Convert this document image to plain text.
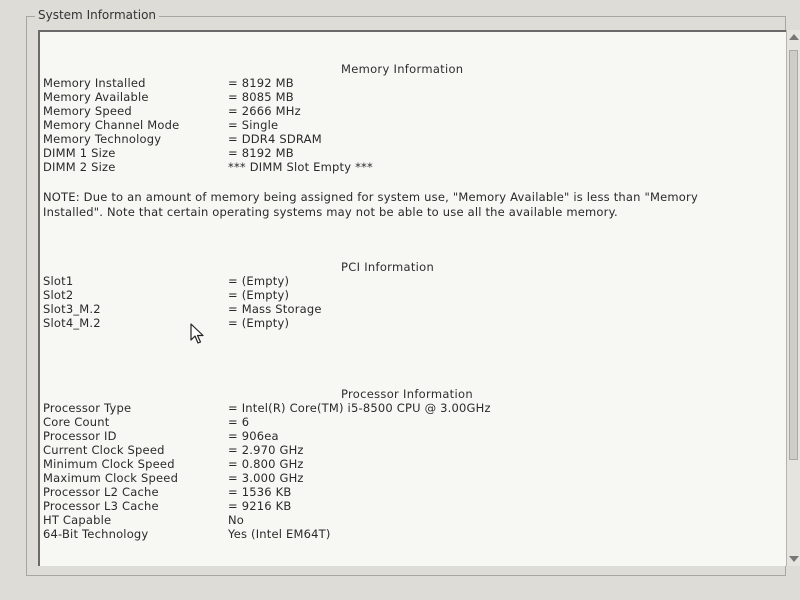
System Information
Memory Information
Memory Installed	= 8192 MB
Memory Available	= 8085 MB
Memory Speed	= 2666 MHz
Memory Channel Mode	= Single
Memory Technology	= DDR4 SDRAM
DIMM 1 Size	= 8192 MB
DIMM 2 Size	*** DIMM Slot Empty ***
NOTE: Due to an amount of memory being assigned for system use, "Memory Available" is less than "Memory Installed". Note that certain operating systems may not be able to use all the available memory.
PCI Information
Slot1	= (Empty)
Slot2	= (Empty)
Slot3_M.2	= Mass Storage
Slot4_M.2	= (Empty)
Processor Information
Processor Type	= Intel(R) Core(TM) i5-8500 CPU @ 3.00GHz
Core Count	= 6
Processor ID	= 906ea
Current Clock Speed	= 2.970 GHz
Minimum Clock Speed	= 0.800 GHz
Maximum Clock Speed	= 3.000 GHz
Processor L2 Cache	= 1536 KB
Processor L3 Cache	= 9216 KB
HT Capable	No
64-Bit Technology	Yes (Intel EM64T)
